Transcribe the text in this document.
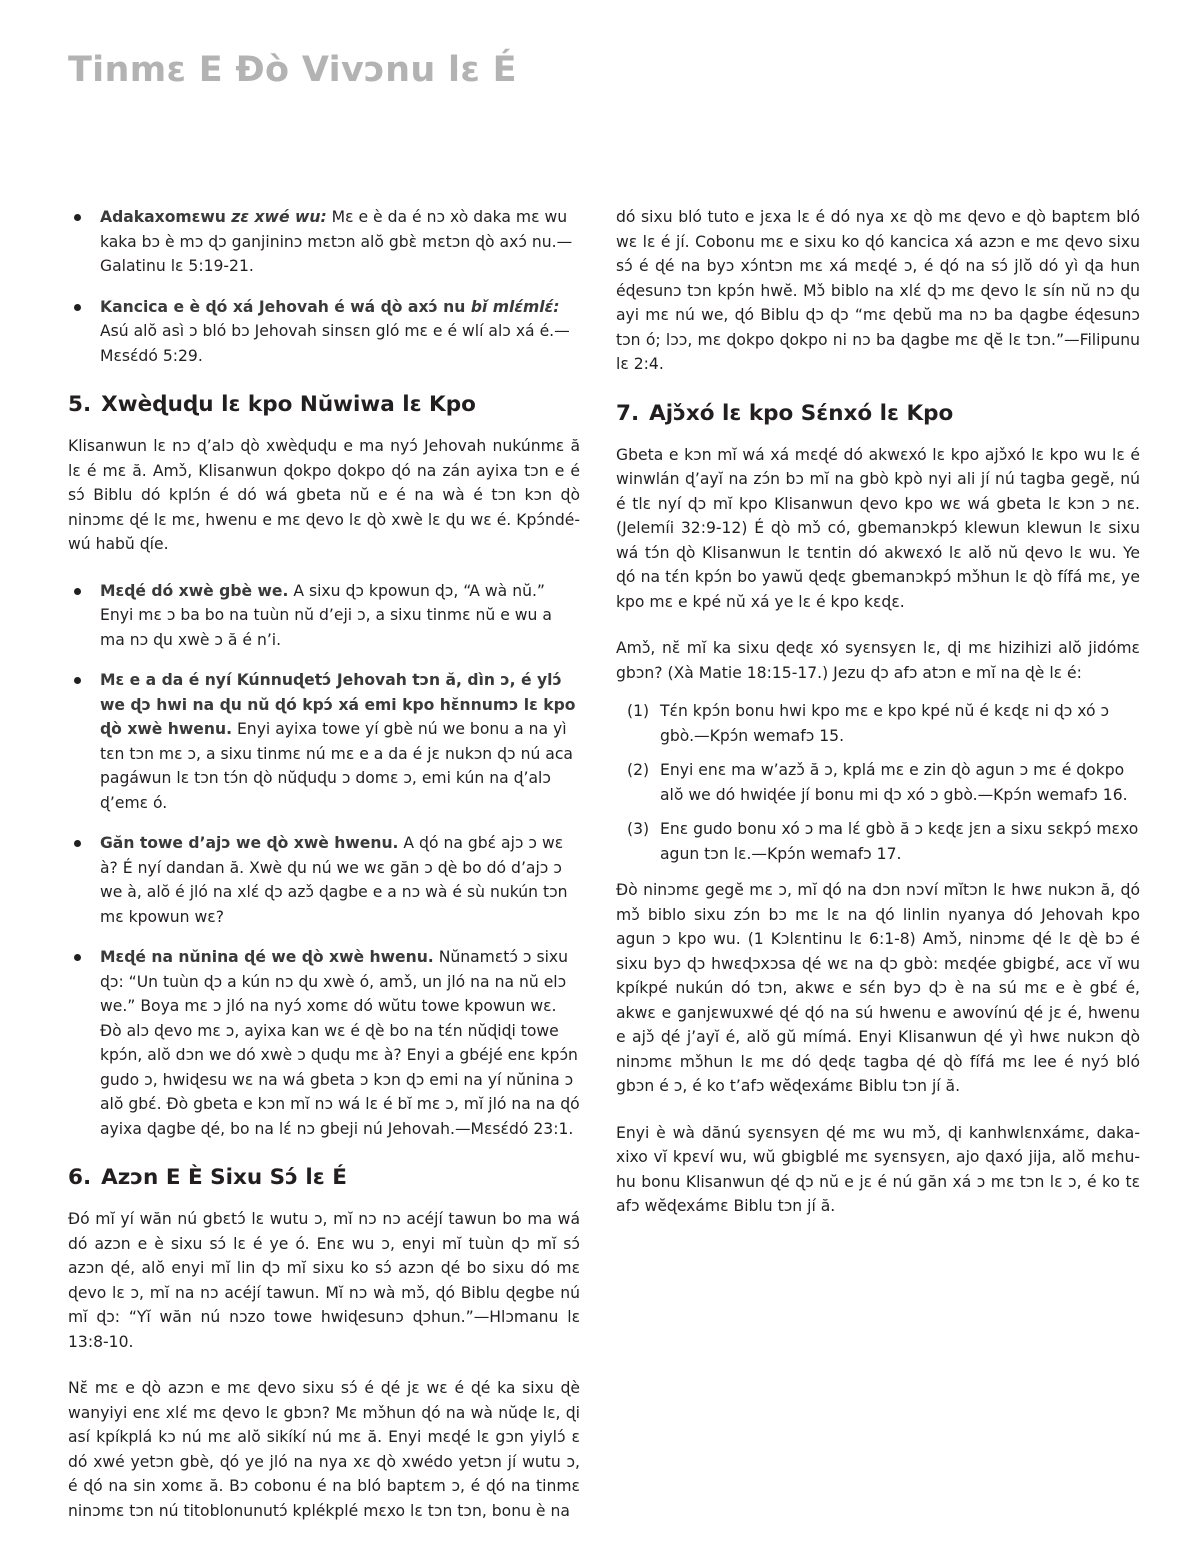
Tinmɛ E Ðò Vivɔnu lɛ É
Adakaxomɛwu zɛ xwé wu: Mɛ e è da é nɔ xò daka mɛ wu kaka bɔ è mɔ ɖɔ ganjininɔ mɛtɔn alŏ gbɛ̀ mɛtɔn ɖò axɔ́ nu.—Galatinu lɛ 5:19-21.
Kancica e è ɖó xá Jehovah é wá ɖò axɔ́ nu bǐ mlɛ́mlɛ́: Asú alŏ asì ɔ bló bɔ Jehovah sinsɛn gló mɛ e é wlí alɔ xá é.—Mɛsɛ́dó 5:29.
5. Xwèɖuɖu lɛ kpo Nŭwiwa lɛ Kpo

Klisanwun lɛ nɔ ɖ’alɔ ɖò xwèɖuɖu e ma nyɔ́ Jehovah nukúnmɛ ă lɛ é mɛ ă. Amɔ̌, Klisanwun ɖokpo ɖokpo ɖó na zán ayixa tɔn e é sɔ́ Biblu dó kplɔ́n é dó wá gbeta nŭ e é na wà é tɔn kɔn ɖò ninɔmɛ ɖé lɛ mɛ, hwenu e mɛ ɖevo lɛ ɖò xwè lɛ ɖu wɛ é. Kpɔ́ndéwú habŭ ɖíe.

Mɛɖé dó xwè gbè we. A sixu ɖɔ kpowun ɖɔ, “A wà nŭ.” Enyi mɛ ɔ ba bo na tuùn nŭ d’eji ɔ, a sixu tinmɛ nŭ e wu a ma nɔ ɖu xwè ɔ ă é n’i.
Mɛ e a da é nyí Kúnnuɖetɔ́ Jehovah tɔn ă, dìn ɔ, é ylɔ́ we ɖɔ hwi na ɖu nŭ ɖó kpɔ́ xá emi kpo hɛ̆nnumɔ lɛ kpo ɖò xwè hwenu. Enyi ayixa towe yí gbè nú we bonu a na yì tɛn tɔn mɛ ɔ, a sixu tinmɛ nú mɛ e a da é jɛ nukɔn ɖɔ nú aca pagáwun lɛ tɔn tɔ́n ɖò nŭɖuɖu ɔ domɛ ɔ, emi kún na ɖ’alɔ ɖ’emɛ ó.
Găn towe d’ajɔ we ɖò xwè hwenu. A ɖó na gbɛ́ ajɔ ɔ wɛ à? É nyí dandan ă. Xwè ɖu nú we wɛ găn ɔ ɖè bo dó d’ajɔ ɔ we à, alŏ é jló na xlɛ́ ɖɔ azɔ̌ ɖagbe e a nɔ wà é sù nukún tɔn mɛ kpowun wɛ?
Mɛɖé na nŭnina ɖé we ɖò xwè hwenu. Nŭnamɛtɔ́ ɔ sixu ɖɔ: “Un tuùn ɖɔ a kún nɔ ɖu xwè ó, amɔ̌, un jló na na nŭ elɔ we.” Boya mɛ ɔ jló na nyɔ́ xomɛ dó wŭtu towe kpowun wɛ. Ðò alɔ ɖevo mɛ ɔ, ayixa kan wɛ é ɖè bo na tɛ́n nŭɖiɖi towe kpɔ́n, alŏ dɔn we dó xwè ɔ ɖuɖu mɛ à? Enyi a gbéjé enɛ kpɔ́n gudo ɔ, hwiɖesu wɛ na wá gbeta ɔ kɔn ɖɔ emi na yí nŭnina ɔ alŏ gbɛ́. Ðò gbeta e kɔn mĭ nɔ wá lɛ é bĭ mɛ ɔ, mĭ jló na na ɖó ayixa ɖagbe ɖé, bo na lɛ́ nɔ gbeji nú Jehovah.—Mɛsɛ́dó 23:1.
6. Azɔn E È Sixu Sɔ́ lɛ É

Ðó mĭ yí wăn nú gbɛtɔ́ lɛ wutu ɔ, mĭ nɔ nɔ acéjí tawun bo ma wá dó azɔn e è sixu sɔ́ lɛ é ye ó. Enɛ wu ɔ, enyi mĭ tuùn ɖɔ mĭ sɔ́ azɔn ɖé, alŏ enyi mĭ lin ɖɔ mĭ sixu ko sɔ́ azɔn ɖé bo sixu dó mɛ ɖevo lɛ ɔ, mĭ na nɔ acéjí tawun. Mĭ nɔ wà mɔ̌, ɖó Biblu ɖegbe nú mĭ ɖɔ: “Yĭ wăn nú nɔzo towe hwiɖesunɔ ɖɔhun.”—Hlɔmanu lɛ 13:8-10.

Nɛ̆ mɛ e ɖò azɔn e mɛ ɖevo sixu sɔ́ é ɖé jɛ wɛ é ɖé ka sixu ɖè wanyiyi enɛ xlɛ́ mɛ ɖevo lɛ gbɔn? Mɛ mɔ̌hun ɖó na wà nŭɖe lɛ, ɖi así kpíkplá kɔ nú mɛ alŏ sikíkí nú mɛ ă. Enyi mɛɖé lɛ gɔn yiylɔ́ ɛ dó xwé yetɔn gbè, ɖó ye jló na nya xɛ ɖò xwédo yetɔn jí wutu ɔ, é ɖó na sin xomɛ ă. Bɔ cobonu é na bló baptɛm ɔ, é ɖó na tinmɛ ninɔmɛ tɔn nú titoblonunutɔ́ kplékplé mɛxo lɛ tɔn tɔn, bonu è na

dó sixu bló tuto e jɛxa lɛ é dó nya xɛ ɖò mɛ ɖevo e ɖò baptɛm bló wɛ lɛ é jí. Cobonu mɛ e sixu ko ɖó kancica xá azɔn e mɛ ɖevo sixu sɔ́ é ɖé na byɔ xɔ́ntɔn mɛ xá mɛɖé ɔ, é ɖó na sɔ́ jlŏ dó yì ɖa hun éɖesunɔ tɔn kpɔ́n hwĕ. Mɔ̌ biblo na xlɛ́ ɖɔ mɛ ɖevo lɛ sín nŭ nɔ ɖu ayi mɛ nú we, ɖó Biblu ɖɔ ɖɔ “mɛ ɖebŭ ma nɔ ba ɖagbe éɖesunɔ tɔn ó; lɔɔ, mɛ ɖokpo ɖokpo ni nɔ ba ɖagbe mɛ ɖĕ lɛ tɔn.”—Filipunu lɛ 2:4.

7. Ajɔ̌xó lɛ kpo Sɛ́nxó lɛ Kpo

Gbeta e kɔn mĭ wá xá mɛɖé dó akwɛxó lɛ kpo ajɔ̌xó lɛ kpo wu lɛ é winwlán ɖ’ayĭ na zɔ́n bɔ mĭ na gbò kpò nyi ali jí nú tagba gegĕ, nú é tlɛ nyí ɖɔ mĭ kpo Klisanwun ɖevo kpo wɛ wá gbeta lɛ kɔn ɔ nɛ. (Jelemíi 32:9-12) É ɖò mɔ̌ có, gbemanɔkpɔ́ klewun klewun lɛ sixu wá tɔ́n ɖò Klisanwun lɛ tɛntin dó akwɛxó lɛ alŏ nŭ ɖevo lɛ wu. Ye ɖó na tɛ́n kpɔ́n bo yawŭ ɖeɖɛ gbemanɔkpɔ́ mɔ̌hun lɛ ɖò fífá mɛ, ye kpo mɛ e kpé nŭ xá ye lɛ é kpo kɛɖɛ.

Amɔ̌, nɛ̆ mĭ ka sixu ɖeɖɛ xó syɛnsyɛn lɛ, ɖi mɛ hizihizi alŏ jidómɛ gbɔn? (Xà Matie 18:15-17.) Jezu ɖɔ afɔ atɔn e mĭ na ɖè lɛ é:

(1) Tɛ́n kpɔ́n bonu hwi kpo mɛ e kpo kpé nŭ é kɛɖɛ ni ɖɔ xó ɔ gbò.—Kpɔ́n wemafɔ 15.
(2) Enyi enɛ ma w’azɔ̌ ă ɔ, kplá mɛ e zin ɖò agun ɔ mɛ é ɖokpo alŏ we dó hwiɖée jí bonu mi ɖɔ xó ɔ gbò.—Kpɔ́n wemafɔ 16.
(3) Enɛ gudo bonu xó ɔ ma lɛ́ gbò ă ɔ kɛɖɛ jɛn a sixu sɛkpɔ́ mɛxo agun tɔn lɛ.—Kpɔ́n wemafɔ 17.

Ðò ninɔmɛ gegĕ mɛ ɔ, mĭ ɖó na dɔn nɔví mĭtɔn lɛ hwɛ nukɔn ă, ɖó mɔ̌ biblo sixu zɔ́n bɔ mɛ lɛ na ɖó linlin nyanya dó Jehovah kpo agun ɔ kpo wu. (1 Kɔlɛntinu lɛ 6:1-8) Amɔ̌, ninɔmɛ ɖé lɛ ɖè bɔ é sixu byɔ ɖɔ hwɛɖɔxɔsa ɖé wɛ na ɖɔ gbò: mɛɖée gbigbɛ́, acɛ vĭ wu kpíkpé nukún dó tɔn, akwɛ e sɛ́n byɔ ɖɔ è na sú mɛ e è gbɛ́ é, akwɛ e ganjɛwuxwé ɖé ɖó na sú hwenu e awovínú ɖé jɛ é, hwenu e ajɔ̌ ɖé j’ayĭ é, alŏ gŭ mímá. Enyi Klisanwun ɖé yì hwɛ nukɔn ɖò ninɔmɛ mɔ̌hun lɛ mɛ dó ɖeɖɛ tagba ɖé ɖò fífá mɛ lee é nyɔ́ bló gbɔn é ɔ, é ko t’afɔ wĕɖexámɛ Biblu tɔn jí ă.

Enyi è wà dănú syɛnsyɛn ɖé mɛ wu mɔ̌, ɖi kanhwlɛnxámɛ, dakaxixo vĭ kpɛví wu, wŭ gbigblé mɛ syɛnsyɛn, ajo ɖaxó jija, alŏ mɛhuhu bonu Klisanwun ɖé ɖɔ nŭ e jɛ é nú găn xá ɔ mɛ tɔn lɛ ɔ, é ko tɛ afɔ wĕɖexámɛ Biblu tɔn jí ă.
